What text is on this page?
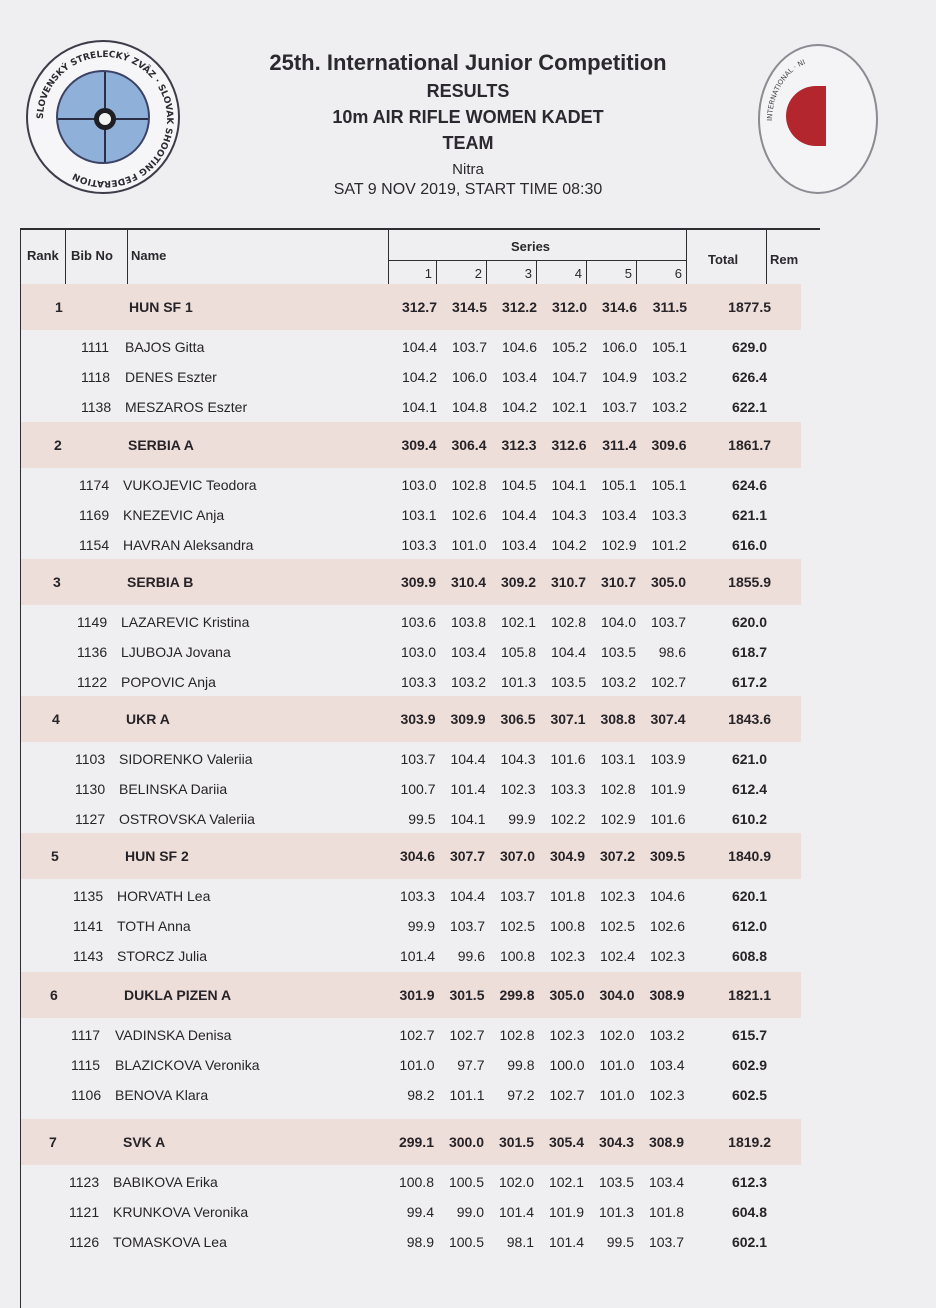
SLOVENSKÝ STRELECKÝ ZVÄZ · SLOVAK SHOOTING FEDERATION
INTERNATIONAL · NI
25th. International Junior Competition
RESULTS
10m AIR RIFLE WOMEN KADET
TEAM
Nitra
SAT 9 NOV 2019, START TIME 08:30
Rank Bib No Name
Series
1	2	3	4	5	6
Total Rem
1	HUN SF 1	312.7	314.5	312.2	312.0	314.6	311.5	1877.5
1111 BAJOS Gitta	104.4	103.7	104.6	105.2	106.0	105.1	629.0
1118 DENES Eszter	104.2	106.0	103.4	104.7	104.9	103.2	626.4
1138 MESZAROS Eszter	104.1	104.8	104.2	102.1	103.7	103.2	622.1
2	SERBIA A	309.4	306.4	312.3	312.6	311.4	309.6	1861.7
1174 VUKOJEVIC Teodora	103.0	102.8	104.5	104.1	105.1	105.1	624.6
1169 KNEZEVIC Anja	103.1	102.6	104.4	104.3	103.4	103.3	621.1
1154 HAVRAN Aleksandra	103.3	101.0	103.4	104.2	102.9	101.2	616.0
3	SERBIA B	309.9	310.4	309.2	310.7	310.7	305.0	1855.9
1149 LAZAREVIC Kristina	103.6	103.8	102.1	102.8	104.0	103.7	620.0
1136 LJUBOJA Jovana	103.0	103.4	105.8	104.4	103.5	98.6	618.7
1122 POPOVIC Anja	103.3	103.2	101.3	103.5	103.2	102.7	617.2
4	UKR A	303.9	309.9	306.5	307.1	308.8	307.4	1843.6
1103 SIDORENKO Valeriia	103.7	104.4	104.3	101.6	103.1	103.9	621.0
1130 BELINSKA Dariia	100.7	101.4	102.3	103.3	102.8	101.9	612.4
1127 OSTROVSKA Valeriia	99.5	104.1	99.9	102.2	102.9	101.6	610.2
5	HUN SF 2	304.6	307.7	307.0	304.9	307.2	309.5	1840.9
1135 HORVATH Lea	103.3	104.4	103.7	101.8	102.3	104.6	620.1
1141 TOTH Anna	99.9	103.7	102.5	100.8	102.5	102.6	612.0
1143 STORCZ Julia	101.4	99.6	100.8	102.3	102.4	102.3	608.8
6	DUKLA PIZEN A	301.9	301.5	299.8	305.0	304.0	308.9	1821.1
1117 VADINSKA Denisa	102.7	102.7	102.8	102.3	102.0	103.2	615.7
1115 BLAZICKOVA Veronika	101.0	97.7	99.8	100.0	101.0	103.4	602.9
1106 BENOVA Klara	98.2	101.1	97.2	102.7	101.0	102.3	602.5
7	SVK A	299.1	300.0	301.5	305.4	304.3	308.9	1819.2
1123 BABIKOVA Erika	100.8	100.5	102.0	102.1	103.5	103.4	612.3
1121 KRUNKOVA Veronika	99.4	99.0	101.4	101.9	101.3	101.8	604.8
1126 TOMASKOVA Lea	98.9	100.5	98.1	101.4	99.5	103.7	602.1
